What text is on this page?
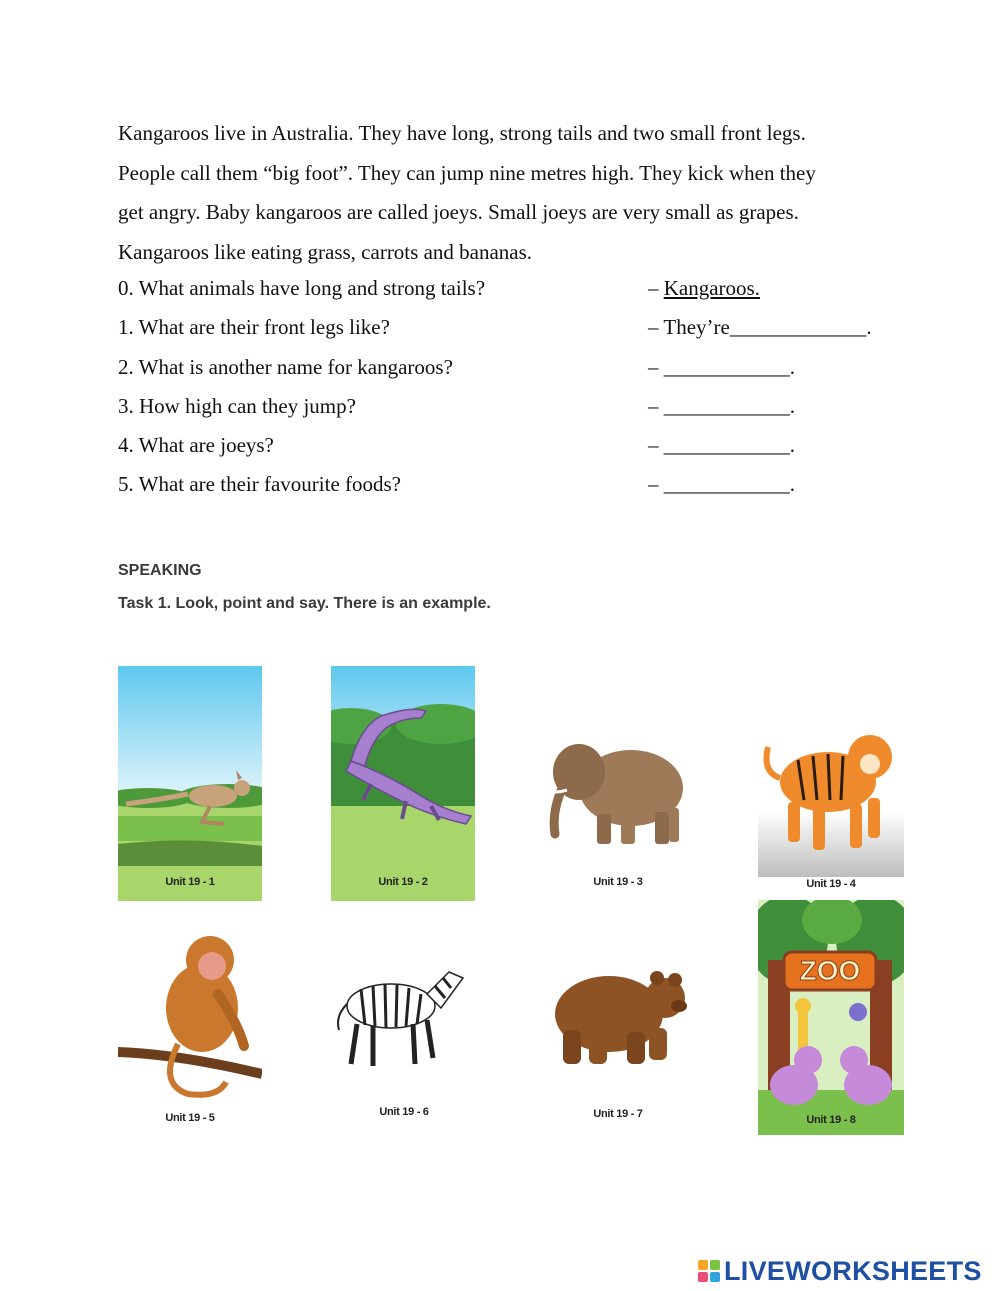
Kangaroos live in Australia. They have long, strong tails and two small front legs.
People call them “big foot”. They can jump nine metres high. They kick when they
get angry. Baby kangaroos are called joeys. Small joeys are very small as grapes.
Kangaroos like eating grass, carrots and bananas.
0. What animals have long and strong tails?	– Kangaroos.
1. What are their front legs like?	– They’re_____________.
2. What is another name for kangaroos?	– ____________.
3. How high can they jump?	– ____________.
4. What are joeys?	– ____________.
5. What are their favourite foods?	– ____________.
SPEAKING
Task 1. Look, point and say. There is an example.
Unit 19 - 1	Unit 19 - 2	Unit 19 - 3	Unit 19 - 4
Unit 19 - 5	Unit 19 - 6	Unit 19 - 7
ZOO
Unit 19 - 8
LIVEWORKSHEETS
